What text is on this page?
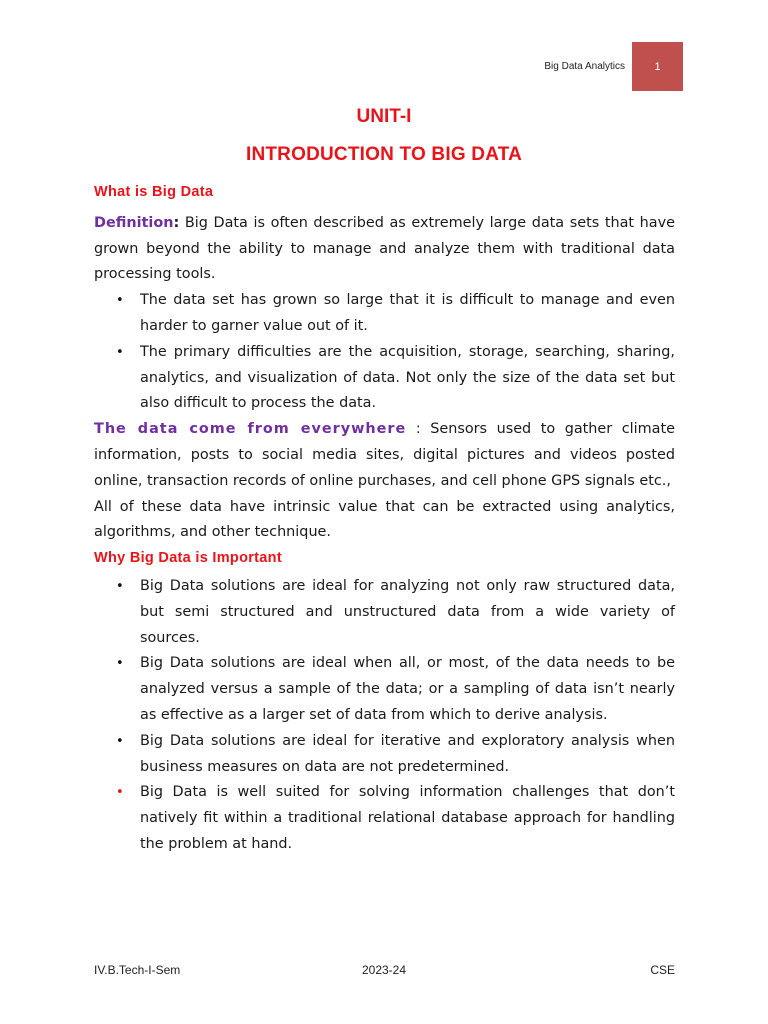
Big Data Analytics	1
UNIT-I
INTRODUCTION TO BIG DATA
What is Big Data

Definition: Big Data is often described as extremely large data sets that have grown beyond the ability to manage and analyze them with traditional data processing tools.

• The data set has grown so large that it is difficult to manage and even harder to garner value out of it.
• The primary difficulties are the acquisition, storage, searching, sharing, analytics, and visualization of data. Not only the size of the data set but also difficult to process the data.

The data come from everywhere : Sensors used to gather climate information, posts to social media sites, digital pictures and videos posted online, transaction records of online purchases, and cell phone GPS signals etc.,

All of these data have intrinsic value that can be extracted using analytics, algorithms, and other technique.

Why Big Data is Important
• Big Data solutions are ideal for analyzing not only raw structured data, but semi structured and unstructured data from a wide variety of sources.
• Big Data solutions are ideal when all, or most, of the data needs to be analyzed versus a sample of the data; or a sampling of data isn’t nearly as effective as a larger set of data from which to derive analysis.
• Big Data solutions are ideal for iterative and exploratory analysis when business measures on data are not predetermined.
• Big Data is well suited for solving information challenges that don’t natively fit within a traditional relational database approach for handling the problem at hand.
IV.B.Tech-I-Sem	2023-24	CSE
